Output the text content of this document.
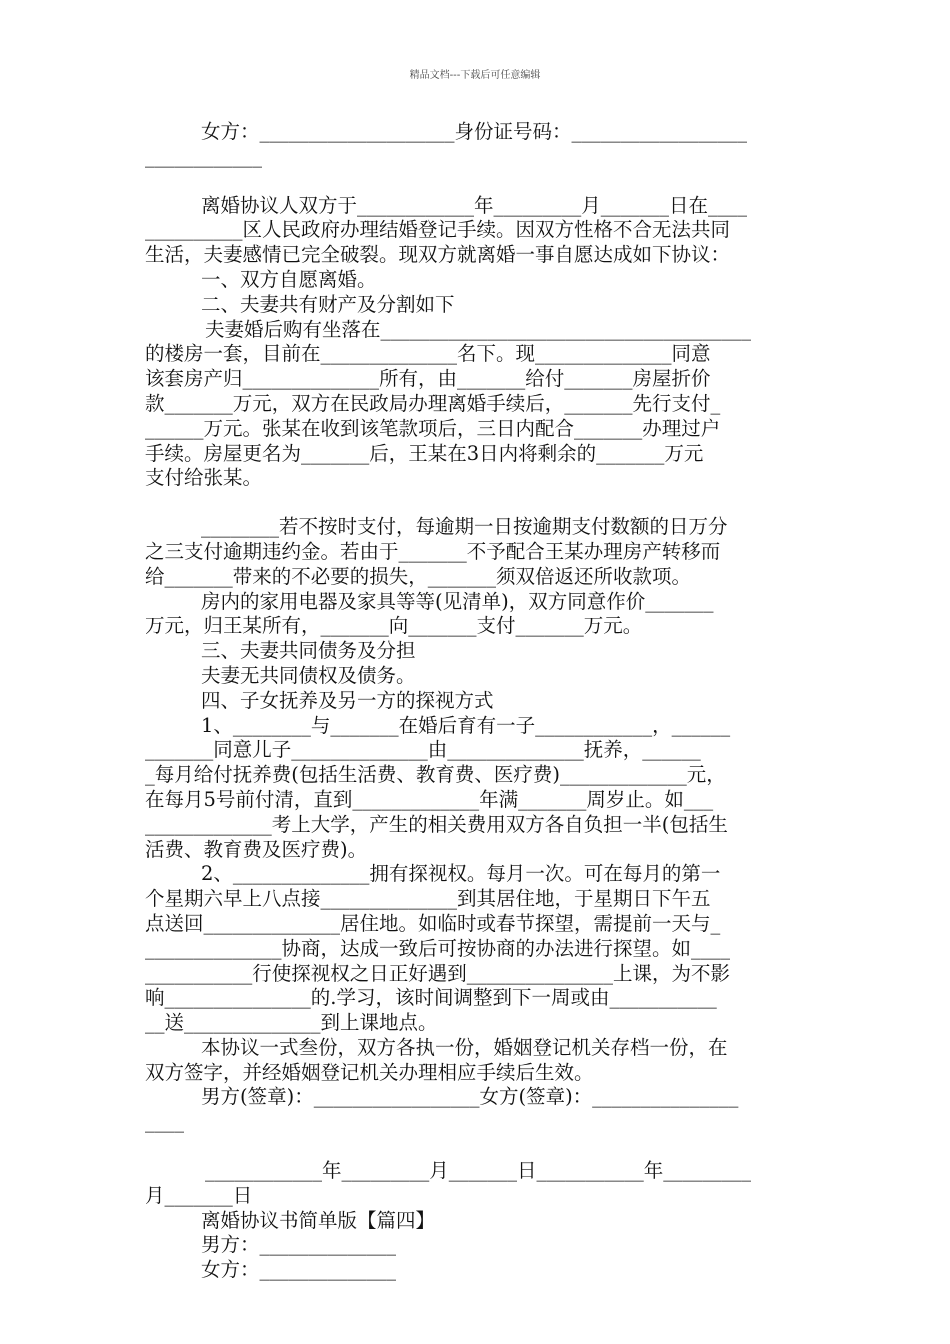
精品文档---下载后可任意编辑
女方：____________________身份证号码：__________________
____________
离婚协议人双方于____________年_________月_______日在____
__________区人民政府办理结婚登记手续。因双方性格不合无法共同
生活，夫妻感情已完全破裂。现双方就离婚一事自愿达成如下协议：
一、双方自愿离婚。
二、夫妻共有财产及分割如下
夫妻婚后购有坐落在______________________________________
的楼房一套，目前在______________名下。现______________同意
该套房产归______________所有，由_______给付_______房屋折价
款_______万元，双方在民政局办理离婚手续后，_______先行支付_
______万元。张某在收到该笔款项后，三日内配合_______办理过户
手续。房屋更名为_______后，王某在3日内将剩余的_______万元
支付给张某。
________若不按时支付，每逾期一日按逾期支付数额的日万分
之三支付逾期违约金。若由于_______不予配合王某办理房产转移而
给_______带来的不必要的损失，_______须双倍返还所收款项。
房内的家用电器及家具等等(见清单)，双方同意作价_______
万元，归王某所有，_______向_______支付_______万元。
三、夫妻共同债务及分担
夫妻无共同债权及债务。
四、子女抚养及另一方的探视方式
1、________与_______在婚后育有一子____________，______
_______同意儿子______________由______________抚养，______
_每月给付抚养费(包括生活费、教育费、医疗费)_____________元，
在每月5号前付清，直到_____________年满_______周岁止。如___
_____________考上大学，产生的相关费用双方各自负担一半(包括生
活费、教育费及医疗费)。
2、______________拥有探视权。每月一次。可在每月的第一
个星期六早上八点接______________到其居住地，于星期日下午五
点送回______________居住地。如临时或春节探望，需提前一天与_
______________协商，达成一致后可按协商的办法进行探望。如____
___________行使探视权之日正好遇到_______________上课，为不影
响_______________的.学习，该时间调整到下一周或由___________
__送______________到上课地点。
本协议一式叁份，双方各执一份，婚姻登记机关存档一份，在
双方签字，并经婚姻登记机关办理相应手续后生效。
男方(签章)：_________________女方(签章)：_______________
____
____________年_________月_______日___________年_________
月_______日
离婚协议书简单版【篇四】
男方：______________
女方：______________
